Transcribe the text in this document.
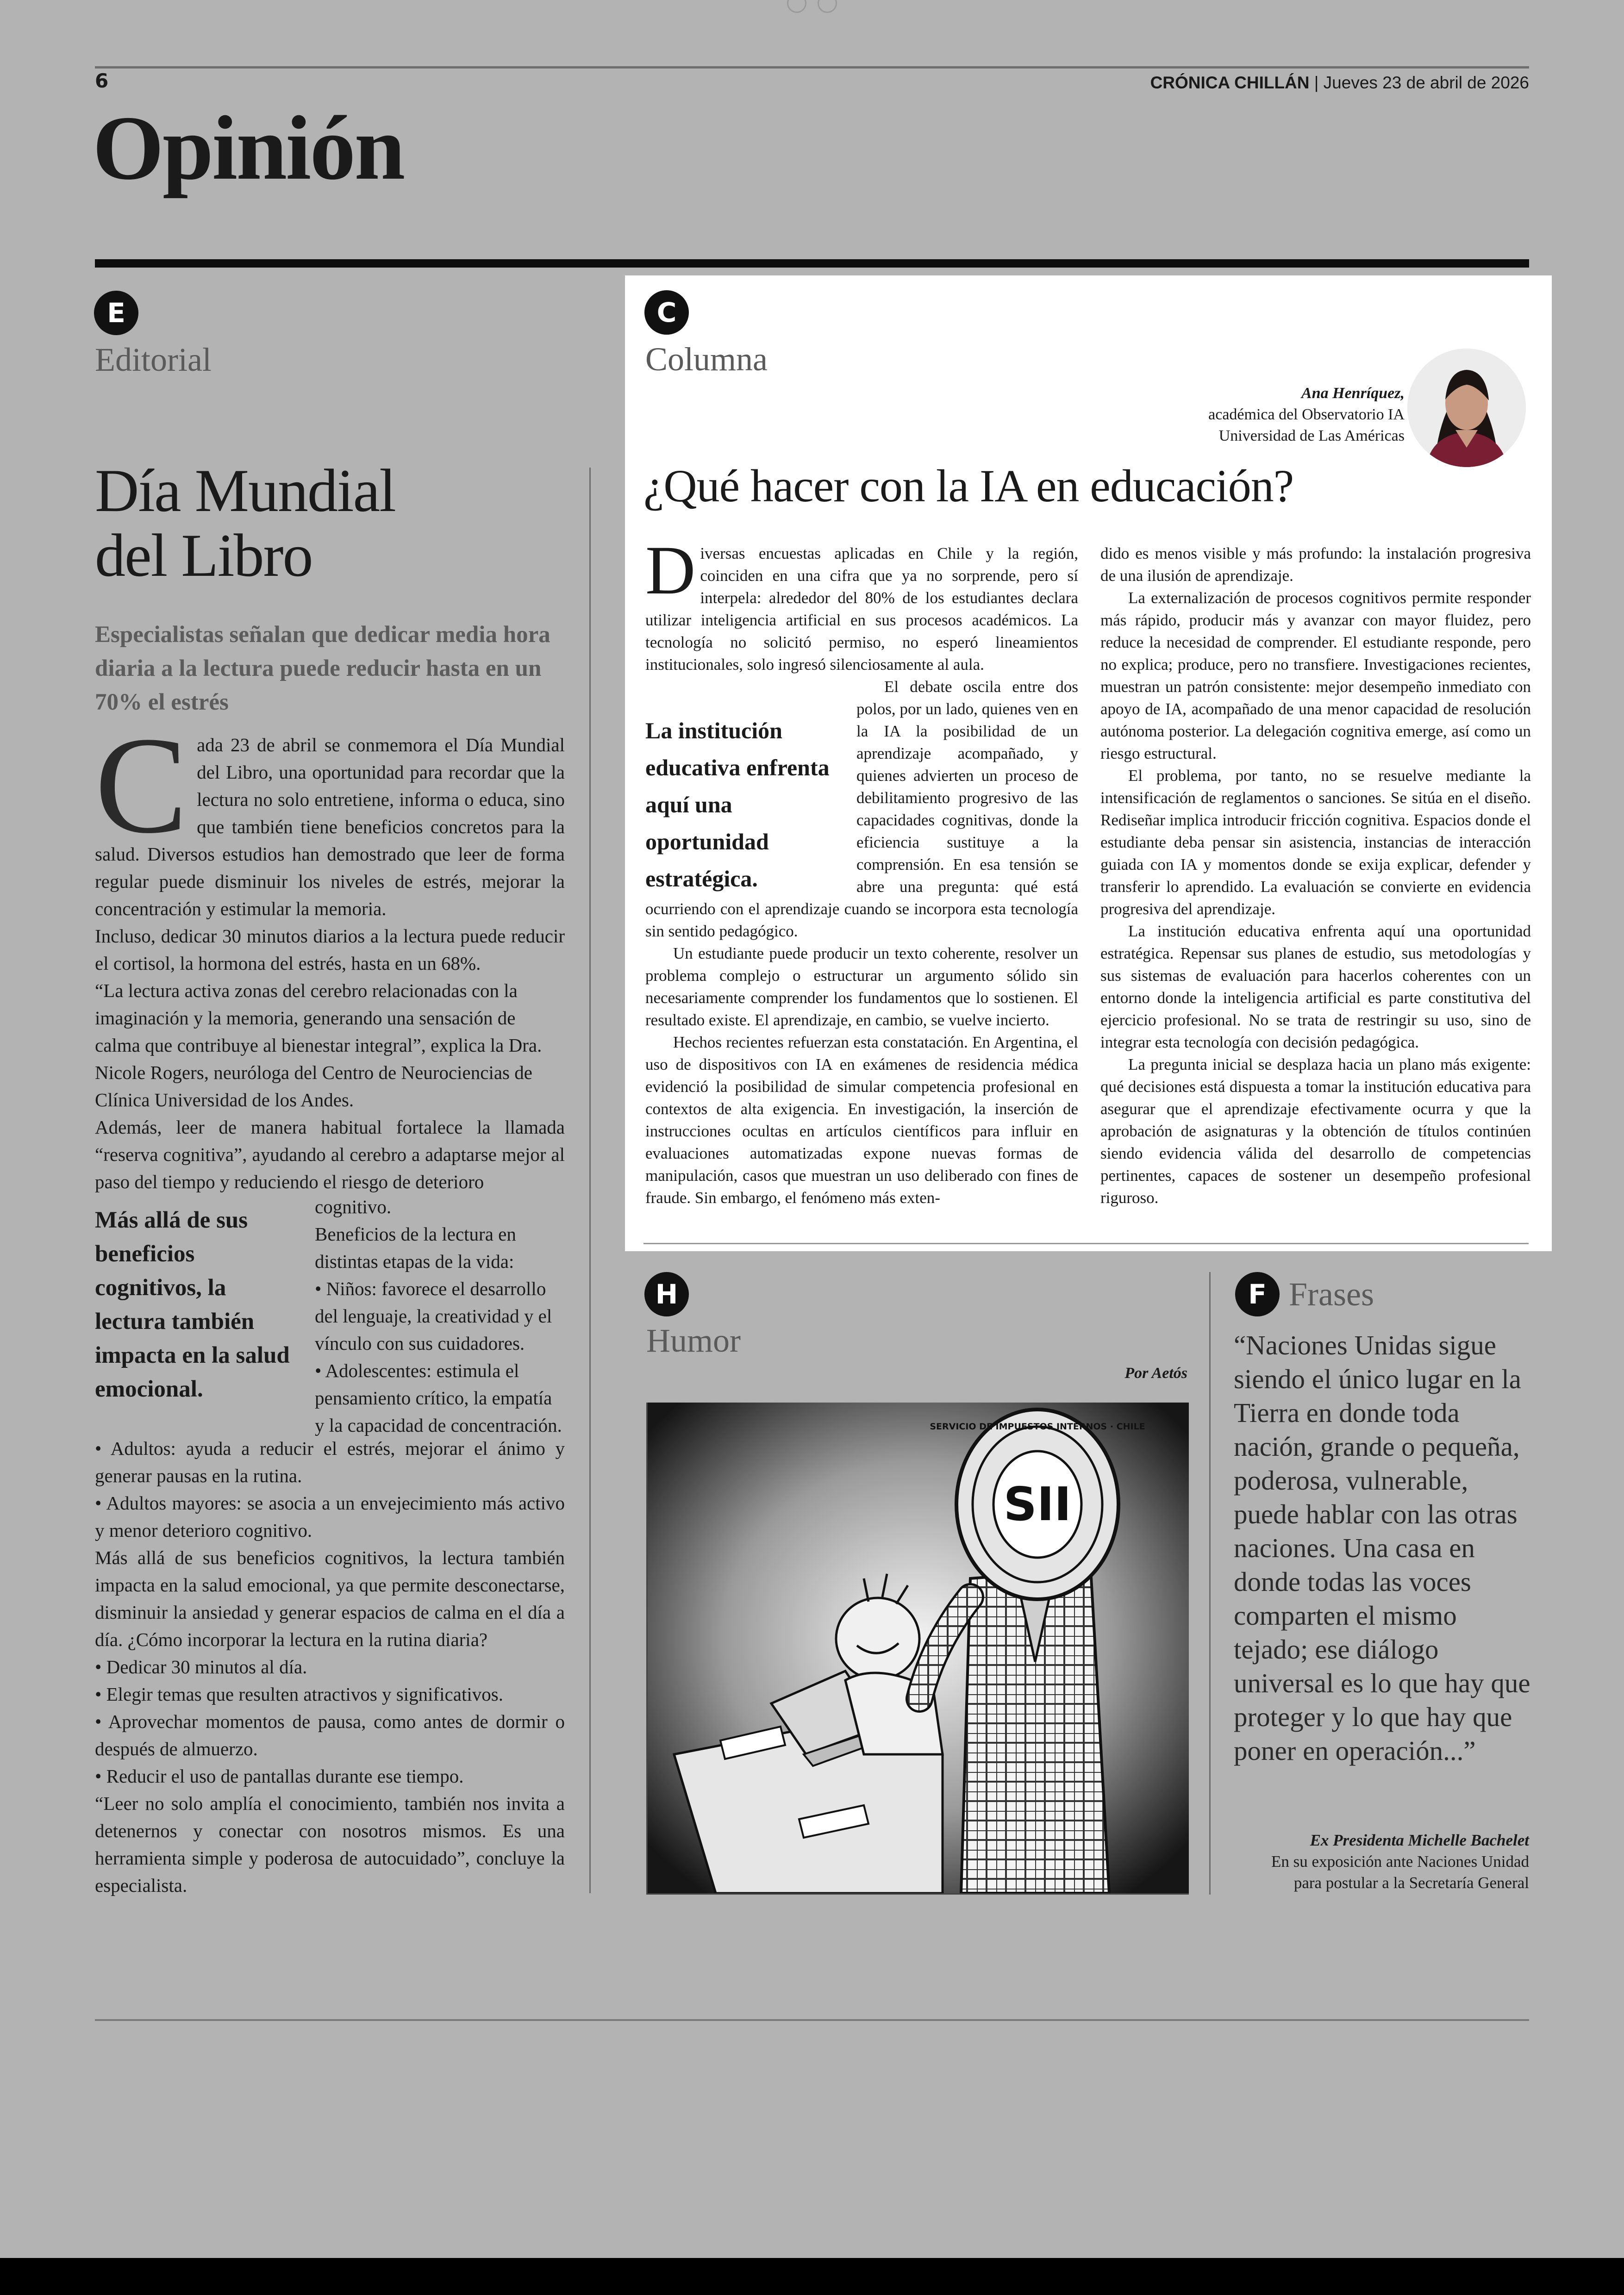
6	CRÓNICA CHILLÁN | Jueves 23 de abril de 2026
Opinión
E
Editorial
Día Mundial
del Libro
Especialistas señalan que dedicar media hora diaria a la lectura puede reducir hasta en un 70% el estrés
C ada 23 de abril se conmemora el Día Mundial del Libro, una oportunidad para recordar que la lectura no solo entretiene, informa o educa, sino que también tiene beneficios concretos para la salud. Diversos estudios han demostrado que leer de forma regular puede disminuir los niveles de estrés, mejorar la concentración y estimular la memoria.
Incluso, dedicar 30 minutos diarios a la lectura puede reducir el cortisol, la hormona del estrés, hasta en un 68%.
“La lectura activa zonas del cerebro relacionadas con la imaginación y la memoria, generando una sensación de calma que contribuye al bienestar integral”, explica la Dra. Nicole Rogers, neuróloga del Centro de Neurociencias de Clínica Universidad de los Andes.
Además, leer de manera habitual fortalece la llamada “reserva cognitiva”, ayudando al cerebro a adaptarse mejor al paso del tiempo y reduciendo el riesgo de deterioro
Más allá de sus beneficios cognitivos, la lectura también impacta en la salud emocional.
cognitivo.
Beneficios de la lectura en distintas etapas de la vida:
• Niños: favorece el desarrollo del lenguaje, la creatividad y el vínculo con sus cuidadores.
• Adolescentes: estimula el pensamiento crítico, la empatía y la capacidad de concentración.
• Adultos: ayuda a reducir el estrés, mejorar el ánimo y generar pausas en la rutina.
• Adultos mayores: se asocia a un envejecimiento más activo y menor deterioro cognitivo.
Más allá de sus beneficios cognitivos, la lectura también impacta en la salud emocional, ya que permite desconectarse, disminuir la ansiedad y generar espacios de calma en el día a día. ¿Cómo incorporar la lectura en la rutina diaria?
• Dedicar 30 minutos al día.
• Elegir temas que resulten atractivos y significativos.
• Aprovechar momentos de pausa, como antes de dormir o después de almuerzo.
• Reducir el uso de pantallas durante ese tiempo.
“Leer no solo amplía el conocimiento, también nos invita a detenernos y conectar con nosotros mismos. Es una herramienta simple y poderosa de autocuidado”, concluye la especialista.
C
Columna
Ana Henríquez,
académica del Observatorio IA
Universidad de Las Américas
¿Qué hacer con la IA en educación?
D iversas encuestas aplicadas en Chile y la región, coinciden en una cifra que ya no sorprende, pero sí interpela: alrededor del 80% de los estudiantes declara utilizar inteligencia artificial en sus procesos académicos. La tecnología no solicitó permiso, no esperó lineamientos institucionales, solo ingresó silenciosamente al aula.
La institución educativa enfrenta aquí una oportunidad estratégica.

El debate oscila entre dos polos, por un lado, quienes ven en la IA la posibilidad de un aprendizaje acompañado, y quienes advierten un proceso de debilitamiento progresivo de las capacidades cognitivas, donde la eficiencia sustituye a la comprensión. En esa tensión se abre una pregunta: qué está ocurriendo con el aprendizaje cuando se incorpora esta tecnología sin sentido pedagógico.

Un estudiante puede producir un texto coherente, resolver un problema complejo o estructurar un argumento sólido sin necesariamente comprender los fundamentos que lo sostienen. El resultado existe. El aprendizaje, en cambio, se vuelve incierto.

Hechos recientes refuerzan esta constatación. En Argentina, el uso de dispositivos con IA en exámenes de residencia médica evidenció la posibilidad de simular competencia profesional en contextos de alta exigencia. En investigación, la inserción de instrucciones ocultas en artículos científicos para influir en evaluaciones automatizadas expone nuevas formas de manipulación, casos que muestran un uso deliberado con fines de fraude. Sin embargo, el fenómeno más exten-

dido es menos visible y más profundo: la instalación progresiva de una ilusión de aprendizaje.

La externalización de procesos cognitivos permite responder más rápido, producir más y avanzar con mayor fluidez, pero reduce la necesidad de comprender. El estudiante responde, pero no explica; produce, pero no transfiere. Investigaciones recientes, muestran un patrón consistente: mejor desempeño inmediato con apoyo de IA, acompañado de una menor capacidad de resolución autónoma posterior. La delegación cognitiva emerge, así como un riesgo estructural.

El problema, por tanto, no se resuelve mediante la intensificación de reglamentos o sanciones. Se sitúa en el diseño. Rediseñar implica introducir fricción cognitiva. Espacios donde el estudiante deba pensar sin asistencia, instancias de interacción guiada con IA y momentos donde se exija explicar, defender y transferir lo aprendido. La evaluación se convierte en evidencia progresiva del aprendizaje.

La institución educativa enfrenta aquí una oportunidad estratégica. Repensar sus planes de estudio, sus metodologías y sus sistemas de evaluación para hacerlos coherentes con un entorno donde la inteligencia artificial es parte constitutiva del ejercicio profesional. No se trata de restringir su uso, sino de integrar esta tecnología con decisión pedagógica.

La pregunta inicial se desplaza hacia un plano más exigente: qué decisiones está dispuesta a tomar la institución educativa para asegurar que el aprendizaje efectivamente ocurra y que la aprobación de asignaturas y la obtención de títulos continúen siendo evidencia válida del desarrollo de competencias pertinentes, capaces de sostener un desempeño profesional riguroso.

H
Humor
Por Aetós
SII
SERVICIO DE IMPUESTOS INTERNOS · CHILE
F Frases
“Naciones Unidas sigue siendo el único lugar en la Tierra en donde toda nación, grande o pequeña, poderosa, vulnerable, puede hablar con las otras naciones. Una casa en donde todas las voces comparten el mismo tejado; ese diálogo universal es lo que hay que proteger y lo que hay que poner en operación...”
Ex Presidenta Michelle Bachelet
En su exposición ante Naciones Unidad
para postular a la Secretaría General
